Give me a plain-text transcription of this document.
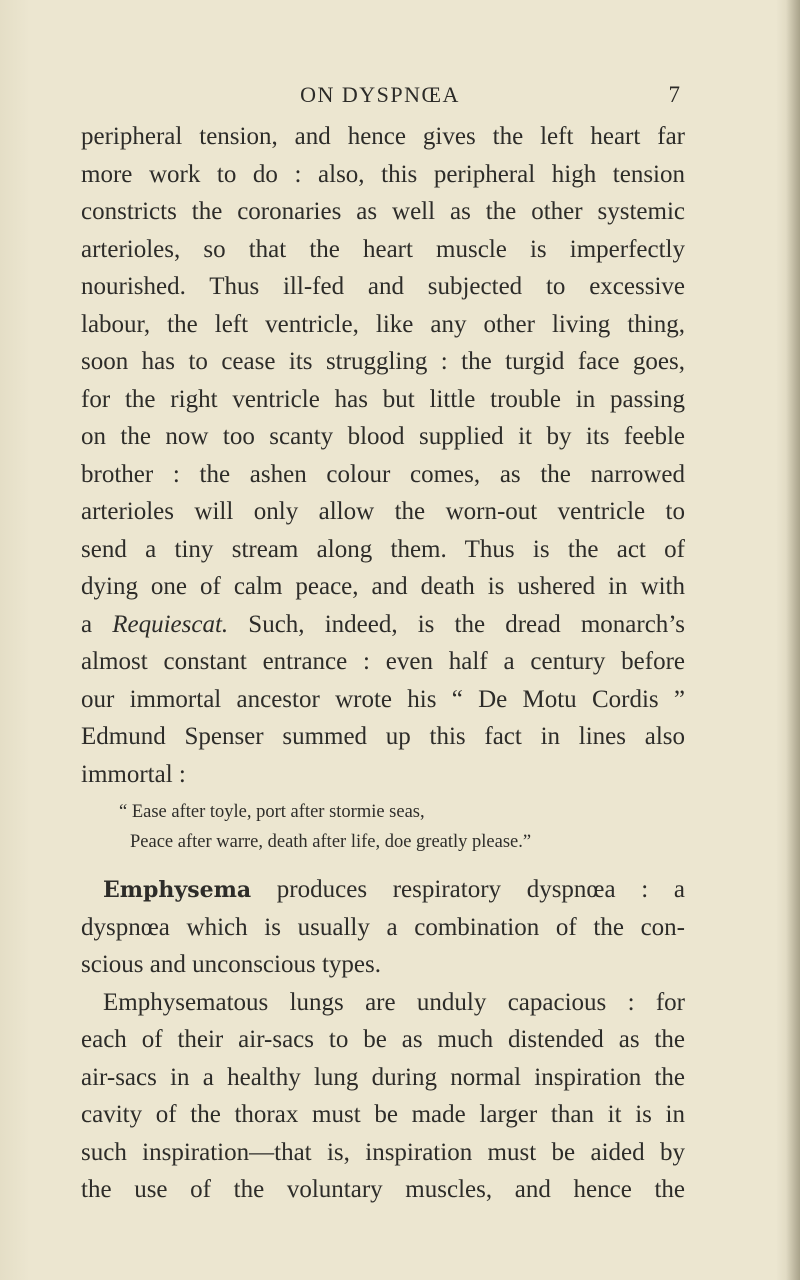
ON DYSPNŒA	7
peripheral tension, and hence gives the left heart far
more work to do : also, this peripheral high tension
constricts the coronaries as well as the other systemic
arterioles, so that the heart muscle is imperfectly
nourished. Thus ill-fed and subjected to excessive
labour, the left ventricle, like any other living thing,
soon has to cease its struggling : the turgid face goes,
for the right ventricle has but little trouble in passing
on the now too scanty blood supplied it by its feeble
brother : the ashen colour comes, as the narrowed
arterioles will only allow the worn-out ventricle to
send a tiny stream along them. Thus is the act of
dying one of calm peace, and death is ushered in with
a Requiescat. Such, indeed, is the dread monarch’s
almost constant entrance : even half a century before
our immortal ancestor wrote his “ De Motu Cordis ”
Edmund Spenser summed up this fact in lines also
immortal :
“ Ease after toyle, port after stormie seas,
Peace after warre, death after life, doe greatly please.”
Emphysema produces respiratory dyspnœa : a
dyspnœa which is usually a combination of the con-
scious and unconscious types.
Emphysematous lungs are unduly capacious : for
each of their air-sacs to be as much distended as the
air-sacs in a healthy lung during normal inspiration the
cavity of the thorax must be made larger than it is in
such inspiration—that is, inspiration must be aided by
the use of the voluntary muscles, and hence the
